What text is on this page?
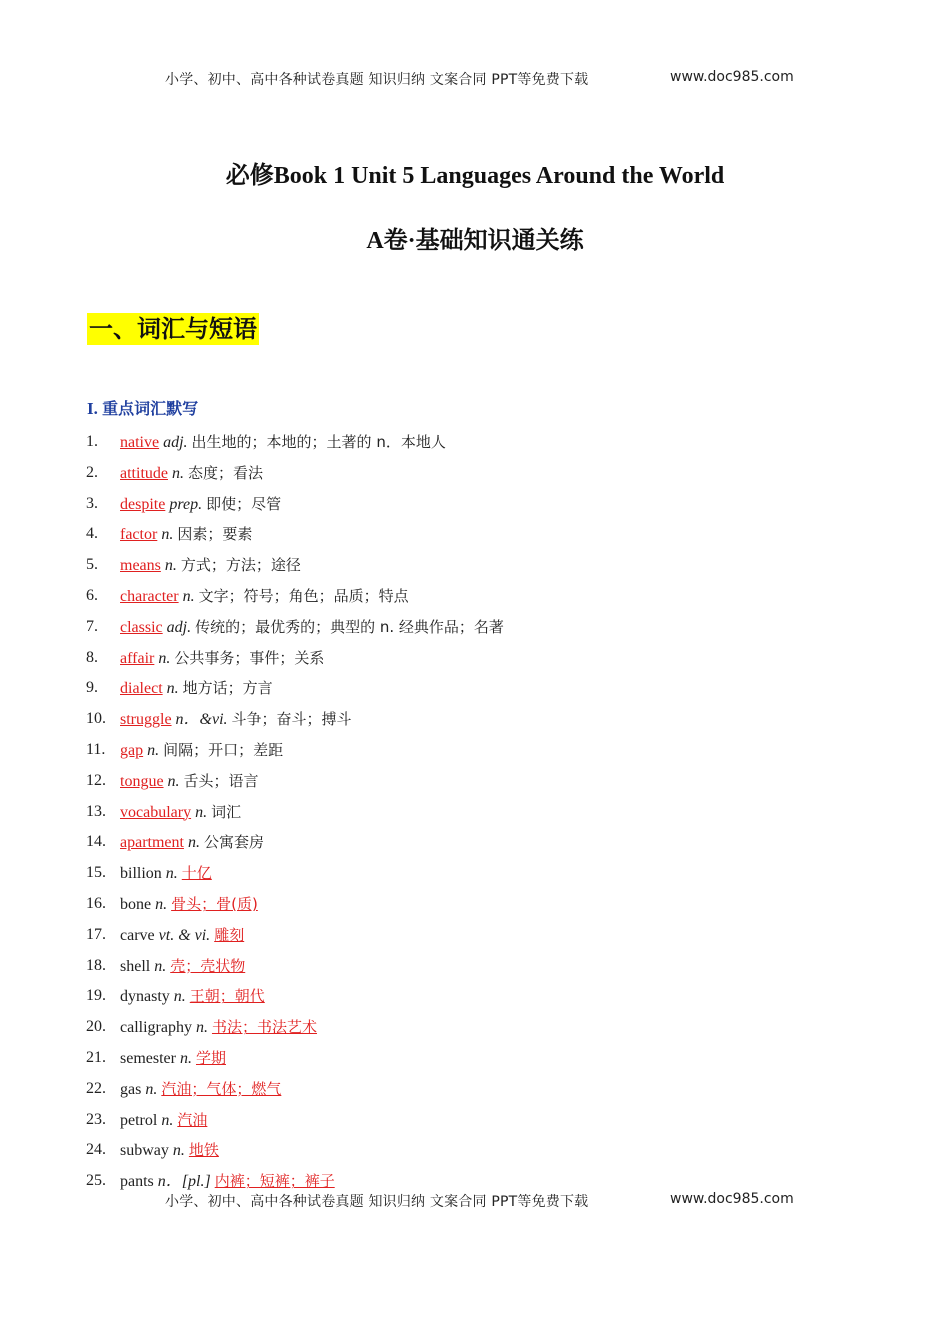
小学、初中、高中各种试卷真题 知识归纳 文案合同 PPT等免费下载	www.doc985.com
必修Book 1 Unit 5 Languages Around the World
A卷·基础知识通关练
一、词汇与短语
I. 重点词汇默写
1. native adj. 出生地的；本地的；土著的 n．本地人
2. attitude n. 态度；看法
3. despite prep. 即使；尽管
4. factor n. 因素；要素
5. means n. 方式；方法；途径
6. character n. 文字；符号；角色；品质；特点
7. classic adj. 传统的；最优秀的；典型的 n. 经典作品；名著
8. affair n. 公共事务；事件；关系
9. dialect n. 地方话；方言
10. struggle n．&vi. 斗争；奋斗；搏斗
11. gap n. 间隔；开口；差距
12. tongue n. 舌头；语言
13. vocabulary n. 词汇
14. apartment n. 公寓套房
15. billion n. 十亿
16. bone n. 骨头；骨(质)
17. carve vt. & vi. 雕刻
18. shell n. 壳；壳状物
19. dynasty n. 王朝；朝代
20. calligraphy n. 书法；书法艺术
21. semester n. 学期
22. gas n. 汽油；气体；燃气
23. petrol n. 汽油
24. subway n. 地铁
25. pants n．[pl.] 内裤；短裤；裤子
小学、初中、高中各种试卷真题 知识归纳 文案合同 PPT等免费下载	www.doc985.com
